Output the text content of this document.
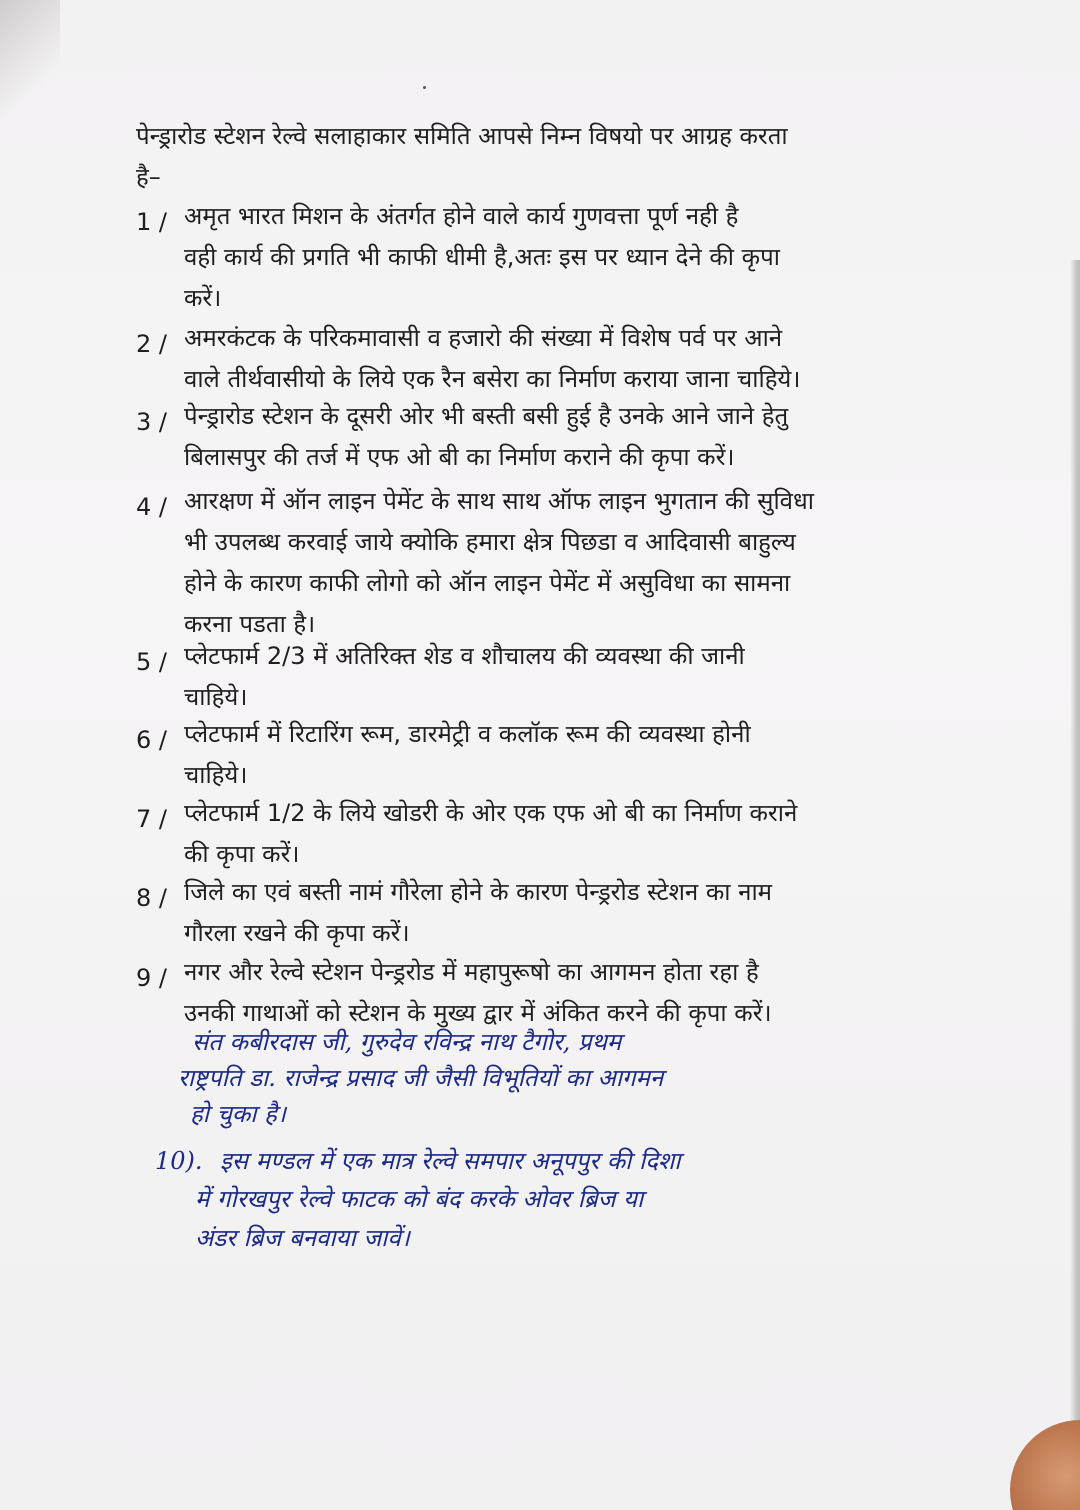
पेन्ड्रारोड स्टेशन रेल्वे सलाहाकार समिति आपसे निम्न विषयो पर आग्रह करता
है–
1 / अमृत भारत मिशन के अंतर्गत होने वाले कार्य गुणवत्ता पूर्ण नही है
वही कार्य की प्रगति भी काफी धीमी है,अतः इस पर ध्यान देने की कृपा
करें।
2 / अमरकंटक के परिकमावासी व हजारो की संख्या में विशेष पर्व पर आने
वाले तीर्थवासीयो के लिये एक रैन बसेरा का निर्माण कराया जाना चाहिये।
3 / पेन्ड्रारोड स्टेशन के दूसरी ओर भी बस्ती बसी हुई है उनके आने जाने हेतु
बिलासपुर की तर्ज में एफ ओ बी का निर्माण कराने की कृपा करें।
4 / आरक्षण में ऑन लाइन पेमेंट के साथ साथ ऑफ लाइन भुगतान की सुविधा
भी उपलब्ध करवाई जाये क्योकि हमारा क्षेत्र पिछडा व आदिवासी बाहुल्य
होने के कारण काफी लोगो को ऑन लाइन पेमेंट में असुविधा का सामना
करना पडता है।
5 / प्लेटफार्म 2/3 में अतिरिक्त शेड व शौचालय की व्यवस्था की जानी
चाहिये।
6 / प्लेटफार्म में रिटारिंग रूम, डारमेट्री व कलॉक रूम की व्यवस्था होनी
चाहिये।
7 / प्लेटफार्म 1/2 के लिये खोडरी के ओर एक एफ ओ बी का निर्माण कराने
की कृपा करें।
8 / जिले का एवं बस्ती नामं गौरेला होने के कारण पेन्ड्ररोड स्टेशन का नाम
गौरला रखने की कृपा करें।
9 / नगर और रेल्वे स्टेशन पेन्ड्ररोड में महापुरूषो का आगमन होता रहा है
उनकी गाथाओं को स्टेशन के मुख्य द्वार में अंकित करने की कृपा करें।
संत कबीरदास जी, गुरुदेव रविन्द्र नाथ टैगोर, प्रथम
राष्ट्रपति डा. राजेन्द्र प्रसाद जी जैसी विभूतियों का आगमन
हो चुका है।
10). इस मण्डल में एक मात्र रेल्वे समपार अनूपपुर की दिशा
में गोरखपुर रेल्वे फाटक को बंद करके ओवर ब्रिज या
अंडर ब्रिज बनवाया जावें।
